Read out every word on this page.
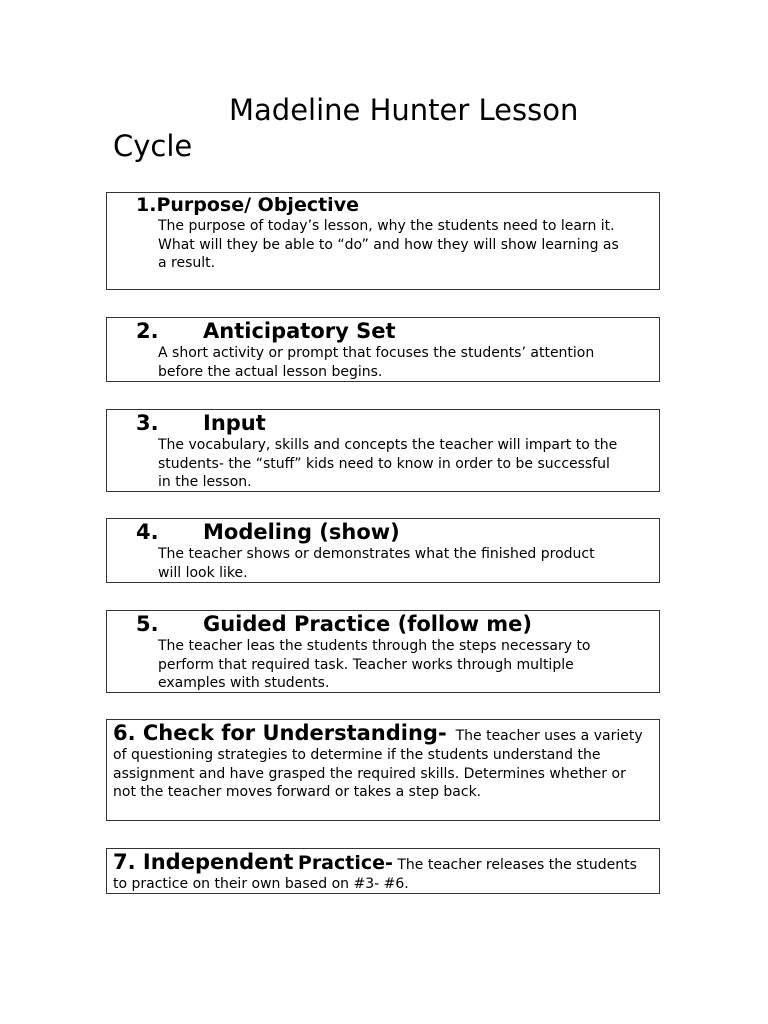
Madeline Hunter Lesson
Cycle
1.Purpose/ Objective
The purpose of today’s lesson, why the students need to learn it.
What will they be able to “do” and how they will show learning as
a result.
2. Anticipatory Set
A short activity or prompt that focuses the students’ attention
before the actual lesson begins.
3. Input
The vocabulary, skills and concepts the teacher will impart to the
students- the “stuff” kids need to know in order to be successful
in the lesson.
4. Modeling (show)
The teacher shows or demonstrates what the finished product
will look like.
5. Guided Practice (follow me)
The teacher leas the students through the steps necessary to
perform that required task. Teacher works through multiple
examples with students.
6. Check for Understanding- The teacher uses a variety of questioning strategies to determine if the students understand the assignment and have grasped the required skills. Determines whether or not the teacher moves forward or takes a step back.
7. Independent Practice- The teacher releases the students to practice on their own based on #3- #6.
